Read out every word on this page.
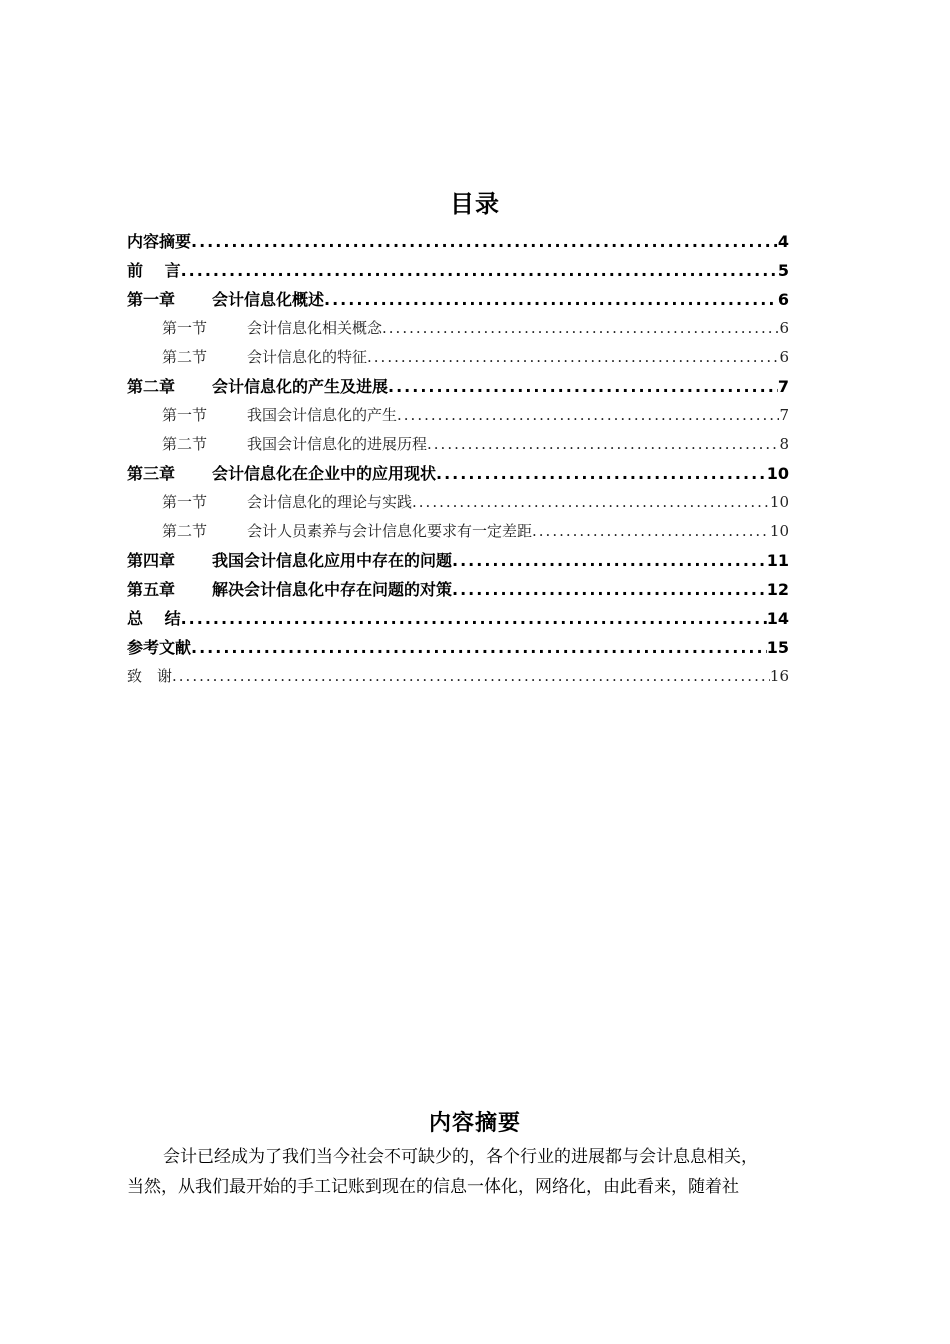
目录
内容摘要 .....	4
前　 言 .....	5
第一章 会计信息化概述 .....	6
第一节	会计信息化相关概念 .....	6
第二节	会计信息化的特征 .....	6
第二章 会计信息化的产生及进展 .....	7
第一节	我国会计信息化的产生 .....	7
第二节	我国会计信息化的进展历程 .....	8
第三章 会计信息化在企业中的应用现状 .....	10
第一节	会计信息化的理论与实践 .....	10
第二节	会计人员素养与会计信息化要求有一定差距 .....	10
第四章 我国会计信息化应用中存在的问题 .....	11
第五章 解决会计信息化中存在问题的对策 .....	12
总　 结 .....	14
参考文献 .....	15
致　谢 .....	16
内容摘要
会计已经成为了我们当今社会不可缺少的，各个行业的进展都与会计息息相关，
当然，从我们最开始的手工记账到现在的信息一体化，网络化，由此看来，随着社
